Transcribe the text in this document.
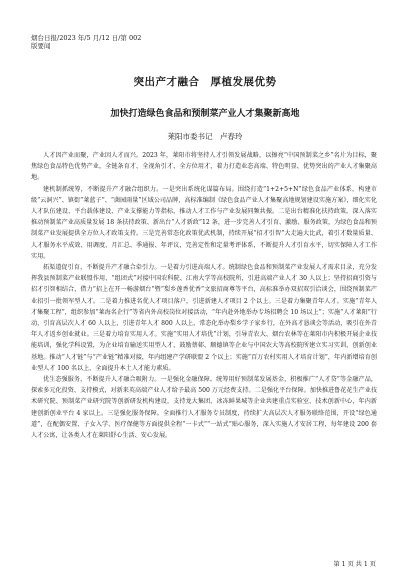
烟台日报/2023 年/5 月/12 日/第 002
版要闻
突出产才融合　厚植发展优势
加快打造绿色食品和预制菜产业人才集聚新高地
莱阳市委书记　卢春玲

人才因产业而聚，产业因人才而兴。2023 年，莱阳市将坚持人才引领发展战略，以擦亮“中国预制菜之乡”名片为目标，聚焦绿色食品特色优势产业，全链条育才、全视角引才、全方位用才，着力打造业态高端、特色明显、优势突出的产业人才集聚高地。

建机制抓统筹，不断提升产才融合组织力。一是突出系统化谋篇布局。围绕打造“1+2+5+N”绿色食品产业体系，构建市级“云洞兴”、镇街“莱蓝子”、“菌园雨量”区域公司品牌，高标准编制《绿色食品产业人才集聚高地规划建设实施方案》，细化实化人才队伍建设、平台载体建设、产业支撑能力等指标，推动人才工作与产业发展同频共振。二是出台精准化扶持政策。深入落实推动预制菜产业高质量发展 18 条扶持政策、新出台“人才新政”12 条，进一步完善人才引育、激励、服务政策，为绿色食品和预制菜产业发展提供全方位人才政策支持。三是完善常态化政策优武机制，持续开展“招才引智”大走遍大比武，着引才数量质量、人才服务水平成效、用调度、月汇总、季通报、年评议，完善定性和定量考评体系，不断提升人才引育水平，切实保障人才工作实用。

拓渠道促引育，不断提升产才融合牵引力。一是着力引进高端人才。统制绿色食品和预制菜产业发展人才需求目录，充分发挥我县预制菜产业联盟作用，“组团式”对接中国农科院、江南大学等高校院所，引进高端产业人才 30 人以上；坚持招商引资与招才引智相结合，借力“招上在开一畅游烟台”暨“梨乡莲香优香”文旅招商尊等平台，高标准举办双招双引洽谈会，围绕预制菜产业招引一批领军型人才。二是着力推进名优人才项目落户，引进新建人才项目 2 个以上。三是着力集聚青年人才。实施“青年人才集聚工程”，组织参加“莱海名企行”等省内外高校岗位对接活动，“年内赴外地举办专场招聘会 10 场以上”；实施“人才莱阳”行动，引育高层次人才 60 人以上，引进青年人才 800 人以上，常态化举办梨乡学子家乡行，在外高才恳谈会等活动，吸引在外青年人才返乡创业就业。三是着力培育实用人才。实施“实用人才培优”计划，引导青农大、烟台农林等在莱阳市内积极开展企业技能培训，强化学科设置，为企业培育输送实用型人才，鼓励蔡邨、顺德镇等企业与中国农大等高校院所建立实习实训、创新创业基地。推动“人才链”与“产业链”精准对接，年内组建产学研联盟 2 个以上；实施“百万农村实用人才培育计划”，年内新增培育创业型人才 100 名以上，全面提升本土人才能力素质。

优生态强服务，不断提升人才融合吸附力。一是强化金融保障。统筹用好预制菜发展基金，积极推广“人才贷”等金融产品，探索多元化投资、支持模式，对新来英高端产业人才给予最高 500 万元经费支持。二是强化平台保障。加快推进鲁花花生产业技术研究院、预制菜产业研究院等创新研发机构建设，支持龙大集团、冰冻鲜果城等企业共建重点实验室、技术创新中心，年内新建创新创业平台 4 家以上。三是强化服务保障。全面推行人才服务专员制度，持续扩大高层次人才服务联络范围，开设“绿色通道”，在配偶安置、子女入学、医疗保健等方面提供全程“一卡式”“一站式”贴心服务，深入实施人才安居工程，每年建设 200 套人才公寓，让各类人才在莱阳舒心生活、安心发展。

第 1 页 共 1 页
